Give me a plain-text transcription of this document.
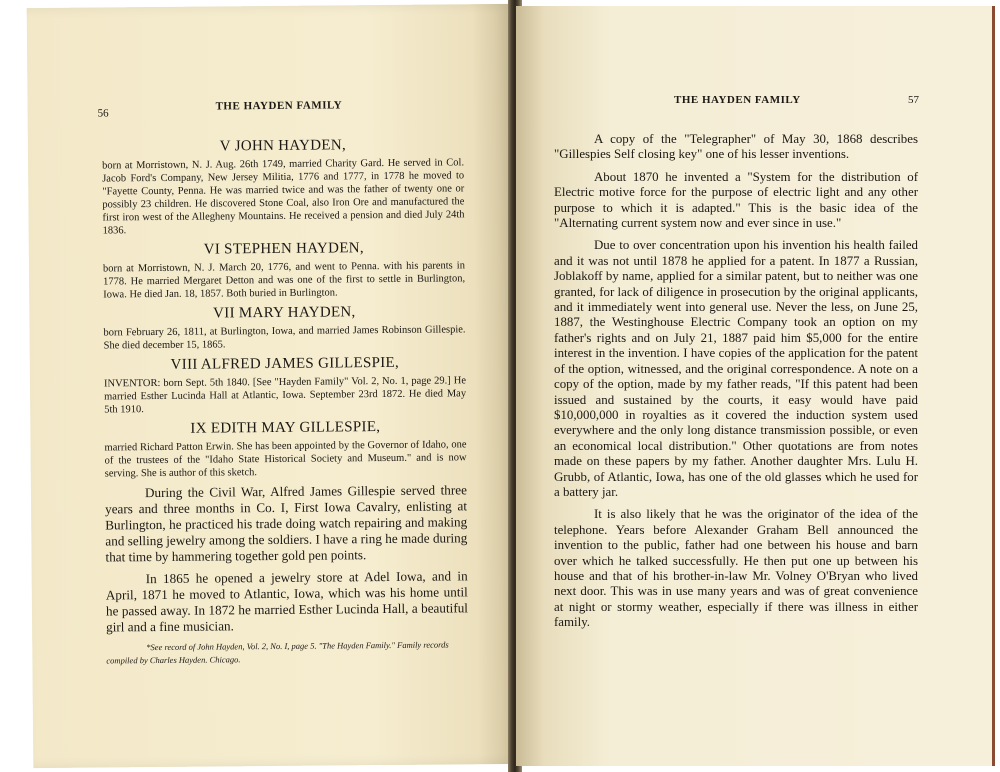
56
THE HAYDEN FAMILY
V JOHN HAYDEN,

born at Morristown, N. J. Aug. 26th 1749, married Charity Gard. He served in Col. Jacob Ford's Company, New Jersey Militia, 1776 and 1777, in 1778 he moved to "Fayette County, Penna. He was married twice and was the father of twenty one or possibly 23 children. He discovered Stone Coal, also Iron Ore and manufactured the first iron west of the Allegheny Mountains. He received a pension and died July 24th 1836.

VI STEPHEN HAYDEN,

born at Morristown, N. J. March 20, 1776, and went to Penna. with his parents in 1778. He married Mergaret Detton and was one of the first to settle in Burlington, Iowa. He died Jan. 18, 1857. Both buried in Burlington.

VII MARY HAYDEN,

born February 26, 1811, at Burlington, Iowa, and married James Robinson Gillespie. She died december 15, 1865.

VIII ALFRED JAMES GILLESPIE,

INVENTOR: born Sept. 5th 1840. [See "Hayden Family" Vol. 2, No. 1, page 29.] He married Esther Lucinda Hall at Atlantic, Iowa. September 23rd 1872. He died May 5th 1910.

IX EDITH MAY GILLESPIE,

married Richard Patton Erwin. She has been appointed by the Governor of Idaho, one of the trustees of the "Idaho State Historical Society and Museum." and is now serving. She is author of this sketch.

During the Civil War, Alfred James Gillespie served three years and three months in Co. I, First Iowa Cavalry, enlisting at Burlington, he practiced his trade doing watch repairing and making and selling jewelry among the soldiers. I have a ring he made during that time by hammering together gold pen points.

In 1865 he opened a jewelry store at Adel Iowa, and in April, 1871 he moved to Atlantic, Iowa, which was his home until he passed away. In 1872 he married Esther Lucinda Hall, a beautiful girl and a fine musician.

*See record of John Hayden, Vol. 2, No. I, page 5. "The Hayden Family." Family records compiled by Charles Hayden. Chicago.
THE HAYDEN FAMILY	57

A copy of the "Telegrapher" of May 30, 1868 describes "Gillespies Self closing key" one of his lesser inventions.

About 1870 he invented a "System for the distribution of Electric motive force for the purpose of electric light and any other purpose to which it is adapted." This is the basic idea of the "Alternating current system now and ever since in use."

Due to over concentration upon his invention his health failed and it was not until 1878 he applied for a patent. In 1877 a Russian, Joblakoff by name, applied for a similar patent, but to neither was one granted, for lack of diligence in prosecution by the original applicants, and it immediately went into general use. Never the less, on June 25, 1887, the Westinghouse Electric Company took an option on my father's rights and on July 21, 1887 paid him $5,000 for the entire interest in the invention. I have copies of the application for the patent of the option, witnessed, and the original correspondence. A note on a copy of the option, made by my father reads, "If this patent had been issued and sustained by the courts, it easy would have paid $10,000,000 in royalties as it covered the induction system used everywhere and the only long distance transmission possible, or even an economical local distribution." Other quotations are from notes made on these papers by my father. Another daughter Mrs. Lulu H. Grubb, of Atlantic, Iowa, has one of the old glasses which he used for a battery jar.

It is also likely that he was the originator of the idea of the telephone. Years before Alexander Graham Bell announced the invention to the public, father had one between his house and barn over which he talked successfully. He then put one up between his house and that of his brother-in-law Mr. Volney O'Bryan who lived next door. This was in use many years and was of great convenience at night or stormy weather, especially if there was illness in either family.
